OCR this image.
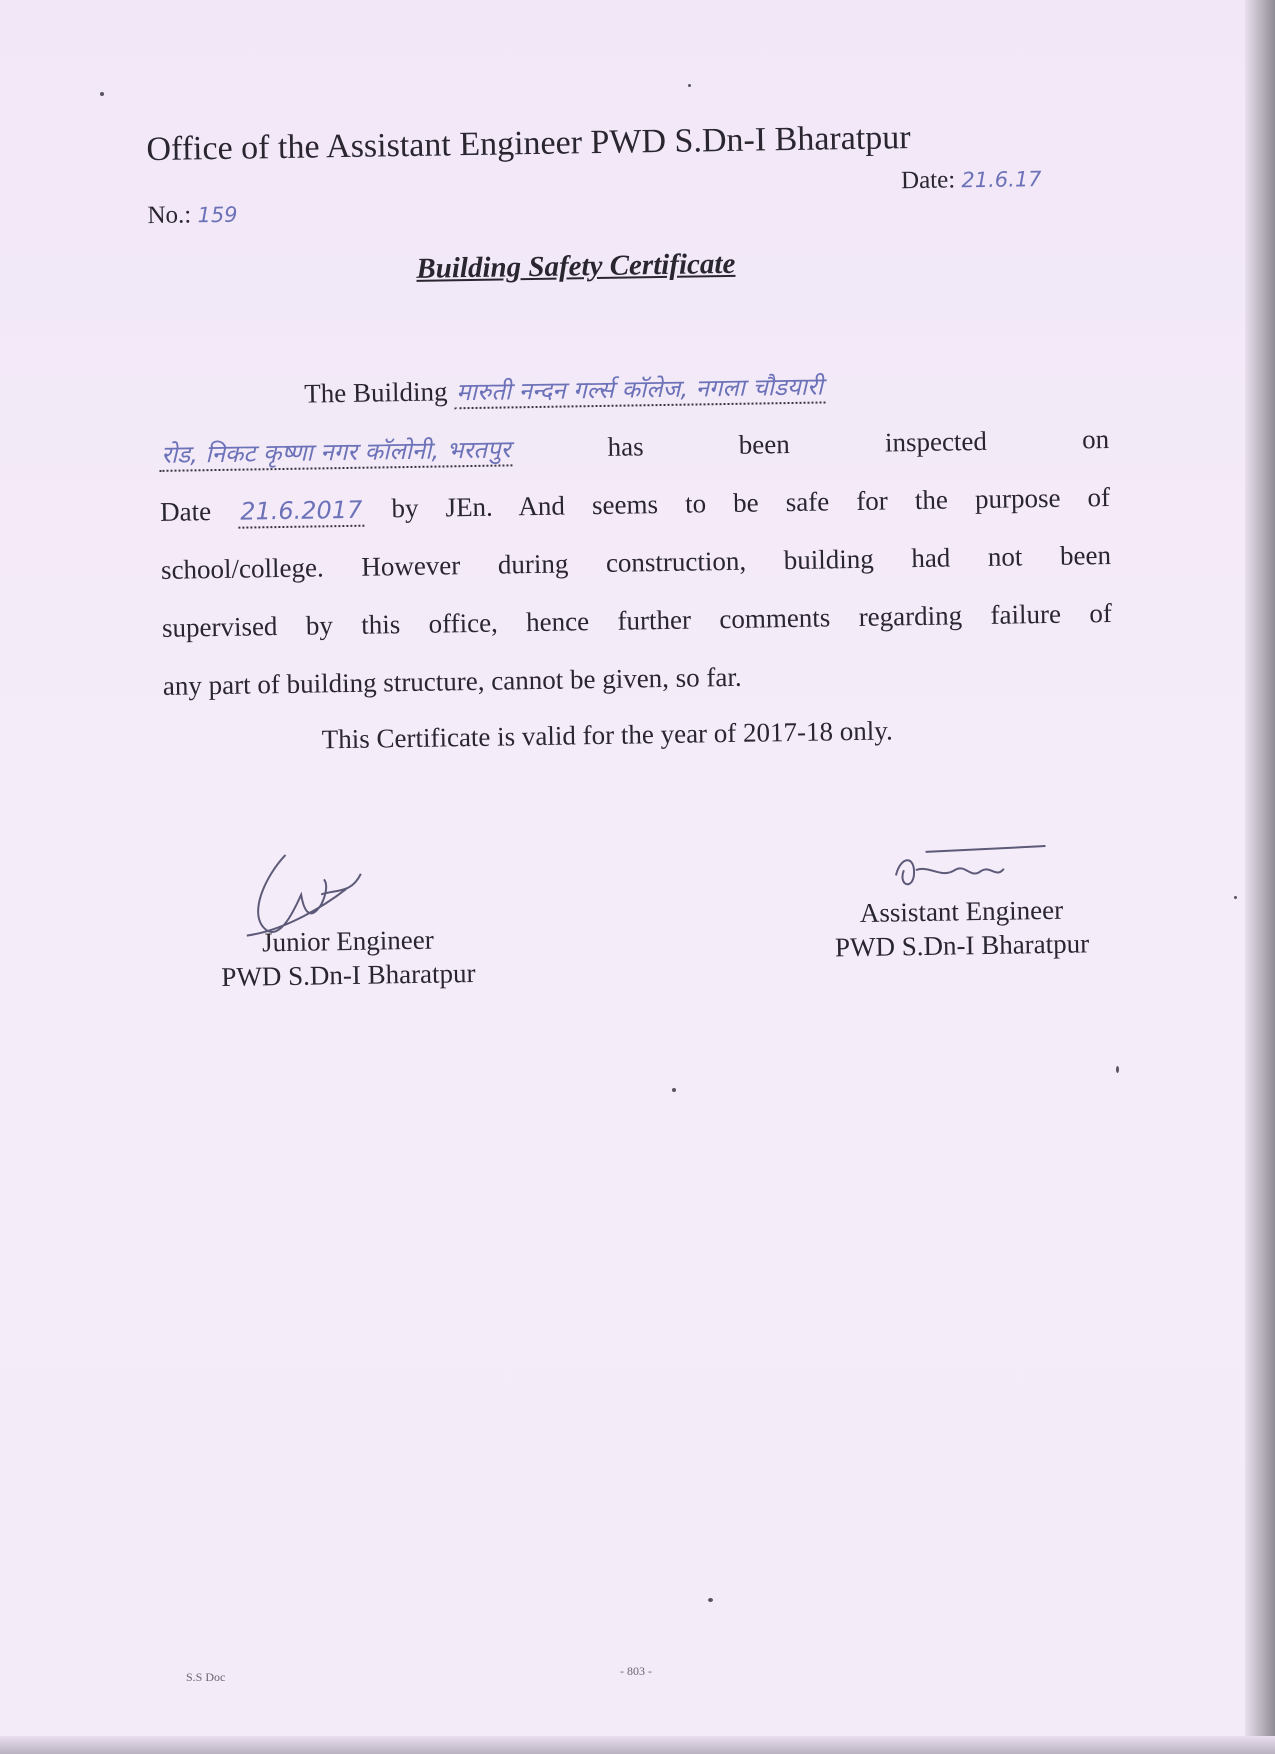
Office of the Assistant Engineer PWD S.Dn-I Bharatpur
No.: 159
Date: 21.6.17
Building Safety Certificate
The Building मारुती नन्दन गर्ल्स कॉलेज, नगला चौडयारी
रोड, निकट कृष्णा नगर कॉलोनी, भरतपुर	has been inspected on
Date 21.6.2017 by JEn. And seems to be safe for the purpose of
school/college. However during construction, building had not been
supervised by this office, hence further comments regarding failure of
any part of building structure, cannot be given, so far.
This Certificate is valid for the year of 2017-18 only.
Junior Engineer
PWD S.Dn-I Bharatpur
Assistant Engineer
PWD S.Dn-I Bharatpur
S.S Doc	- 803 -
